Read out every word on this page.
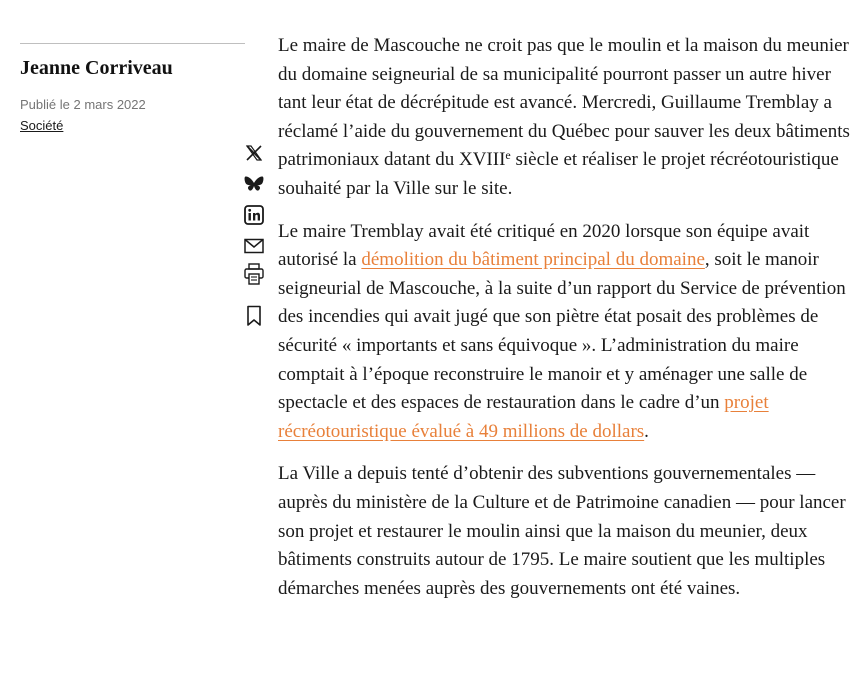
Jeanne Corriveau
Publié le 2 mars 2022
Société

Le maire de Mascouche ne croit pas que le moulin et la maison du meunier du domaine seigneurial de sa municipalité pourront passer un autre hiver tant leur état de décrépitude est avancé. Mercredi, Guillaume Tremblay a réclamé l’aide du gouvernement du Québec pour sauver les deux bâtiments patrimoniaux datant du XVIIIe siècle et réaliser le projet récréotouristique souhaité par la Ville sur le site.

Le maire Tremblay avait été critiqué en 2020 lorsque son équipe avait autorisé la démolition du bâtiment principal du domaine, soit le manoir seigneurial de Mascouche, à la suite d’un rapport du Service de prévention des incendies qui avait jugé que son piètre état posait des problèmes de sécurité « importants et sans équivoque ». L’administration du maire comptait à l’époque reconstruire le manoir et y aménager une salle de spectacle et des espaces de restauration dans le cadre d’un projet récréotouristique évalué à 49 millions de dollars.

La Ville a depuis tenté d’obtenir des subventions gouvernementales — auprès du ministère de la Culture et de Patrimoine canadien — pour lancer son projet et restaurer le moulin ainsi que la maison du meunier, deux bâtiments construits autour de 1795. Le maire soutient que les multiples démarches menées auprès des gouvernements ont été vaines.
